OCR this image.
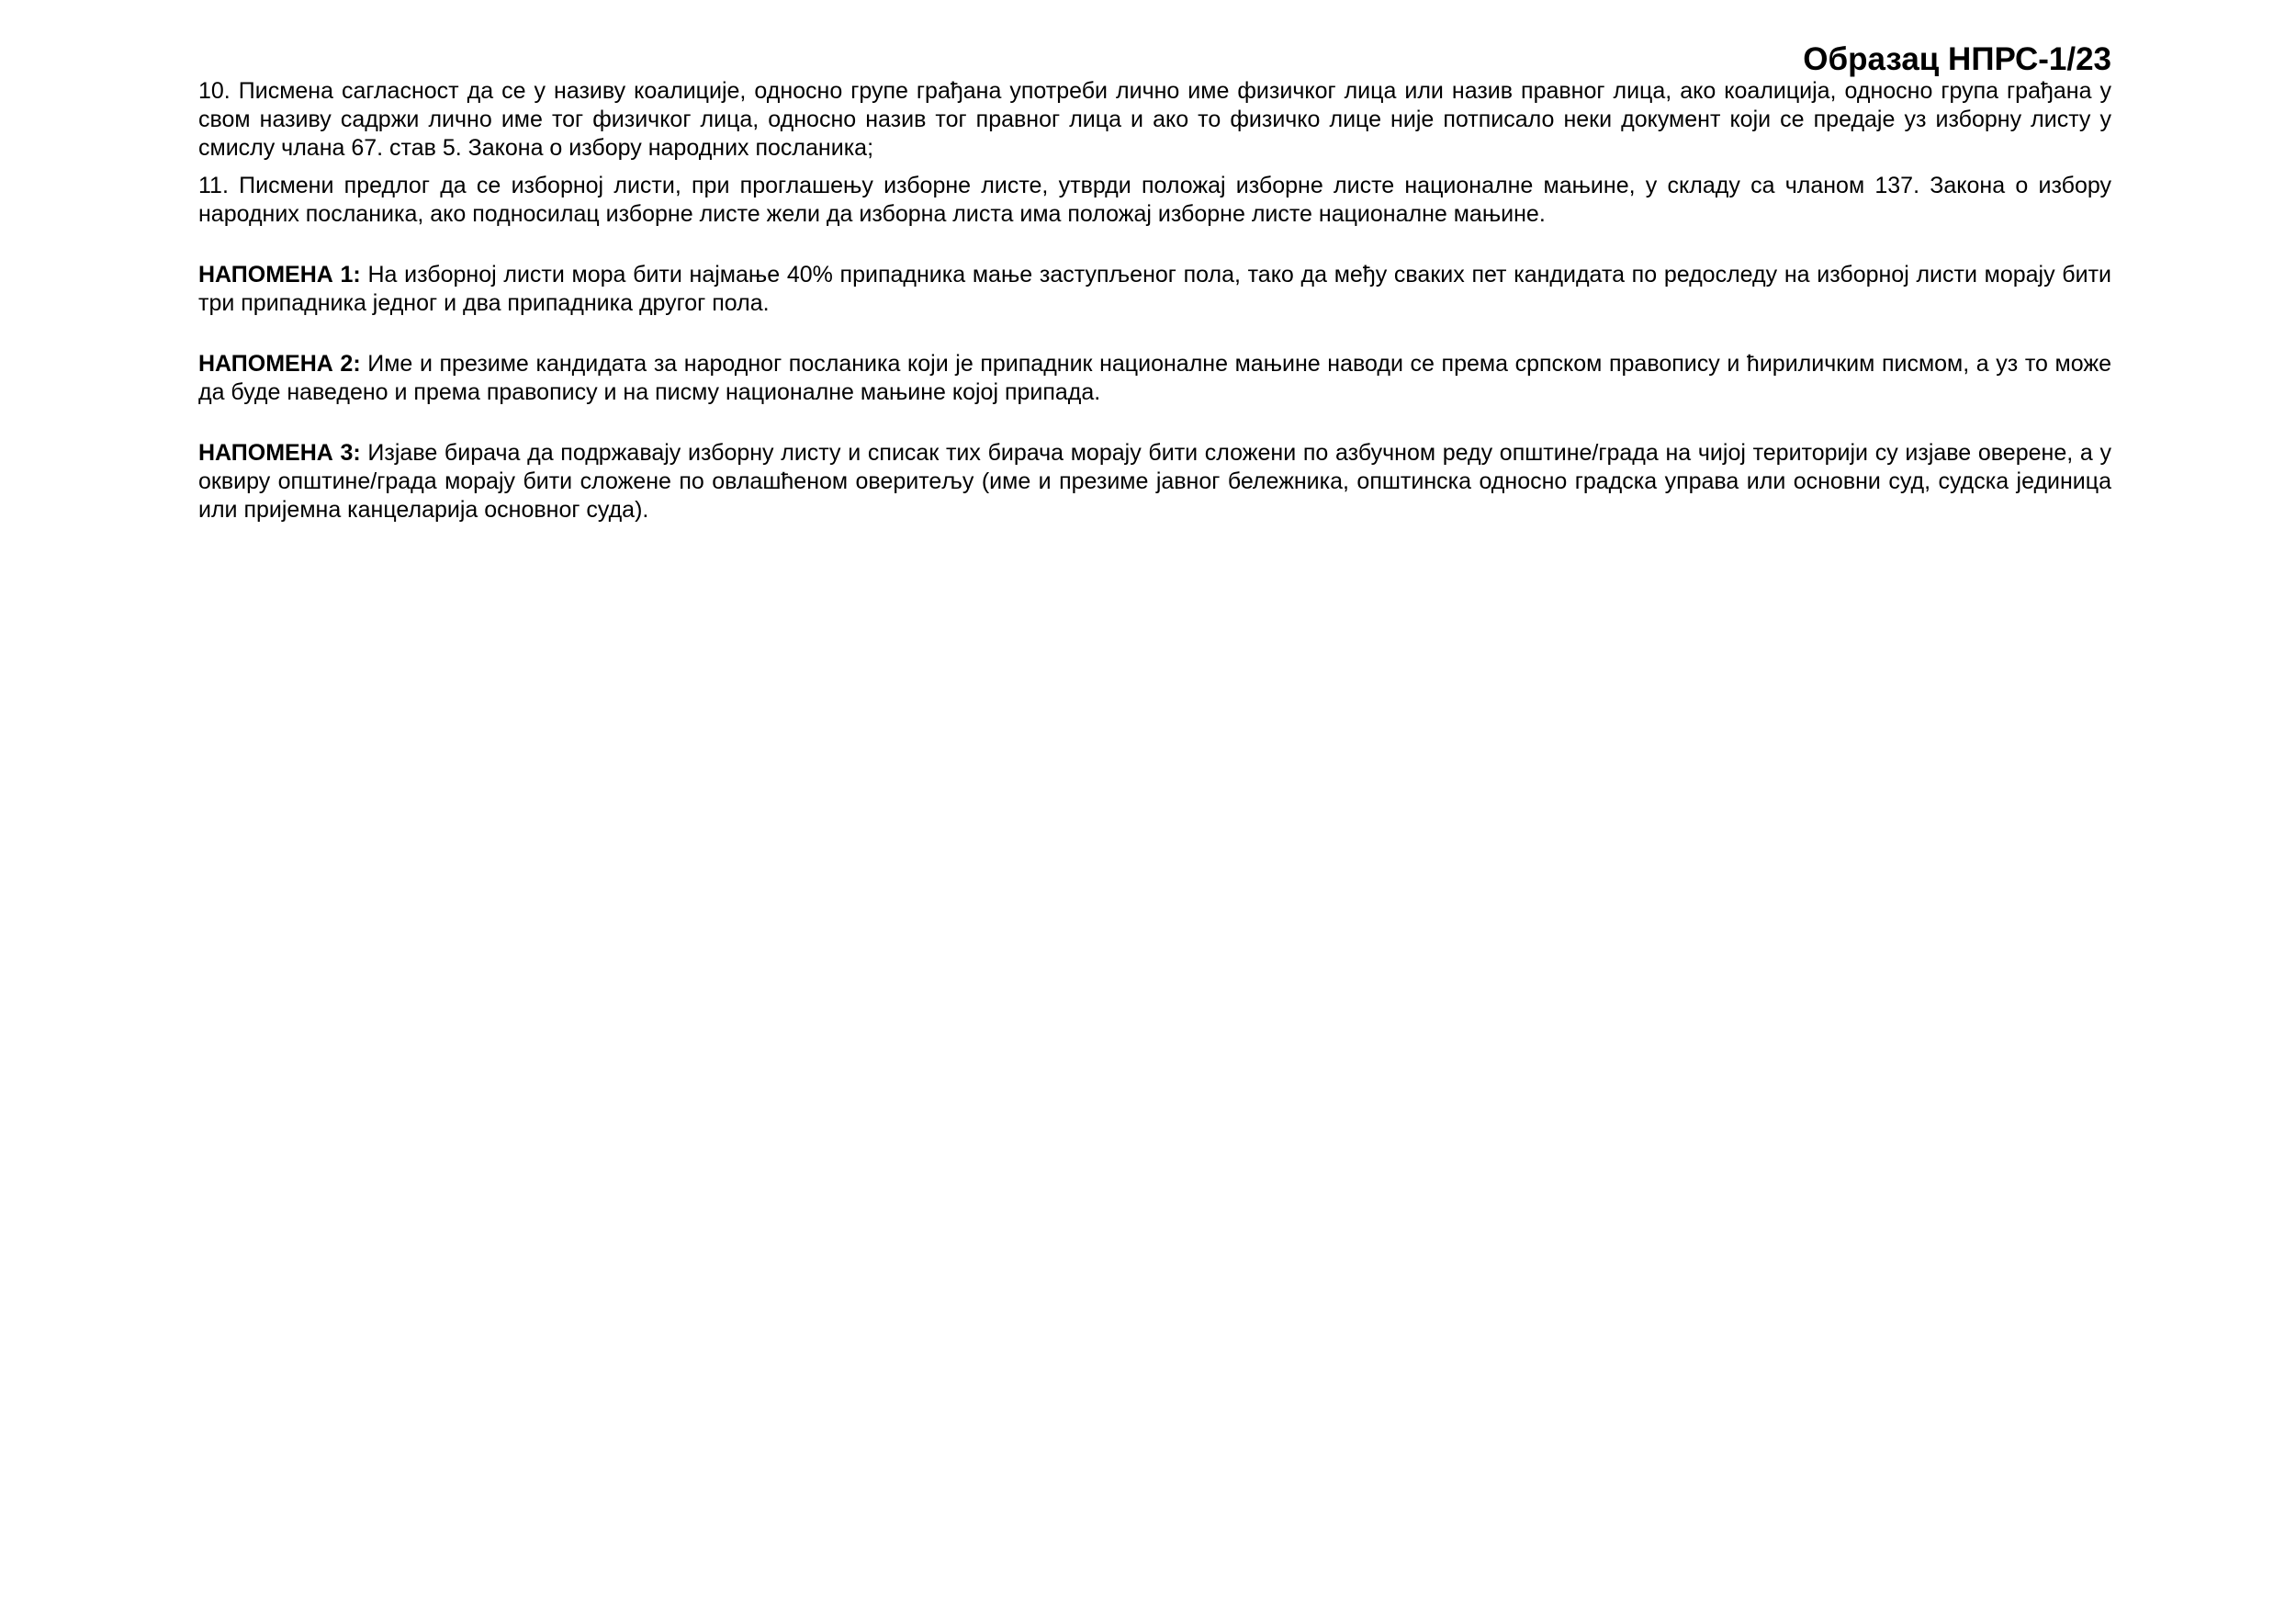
Образац НПРС-1/23

10. Писмена сагласност да се у називу коалиције, односно групе грађана употреби лично име физичког лица или назив правног лица, ако коалиција, односно група грађана у свом називу садржи лично име тог физичког лица, односно назив тог правног лица и ако то физичко лице није потписало неки документ који се предаје уз изборну листу у смислу члана 67. став 5. Закона о избору народних посланика;

11. Писмени предлог да се изборној листи, при проглашењу изборне листе, утврди положај изборне листе националне мањине, у складу са чланом 137. Закона о избору народних посланика, ако подносилац изборне листе жели да изборна листа има положај изборне листе националне мањине.

НАПОМЕНА 1: На изборној листи мора бити најмање 40% припадника мање заступљеног пола, тако да међу сваких пет кандидата по редоследу на изборној листи морају бити три припадника једног и два припадника другог пола.

НАПОМЕНА 2: Име и презиме кандидата за народног посланика који је припадник националне мањине наводи се према српском правопису и ћириличким писмом, а уз то може да буде наведено и према правопису и на писму националне мањине којој припада.

НАПОМЕНА 3: Изјаве бирача да подржавају изборну листу и списак тих бирача морају бити сложени по азбучном реду општине/града на чијој територији су изјаве оверене, а у оквиру општине/града морају бити сложене по овлашћеном оверитељу (име и презиме јавног бележника, општинска односно градска управа или основни суд, судска јединица или пријемна канцеларија основног суда).
